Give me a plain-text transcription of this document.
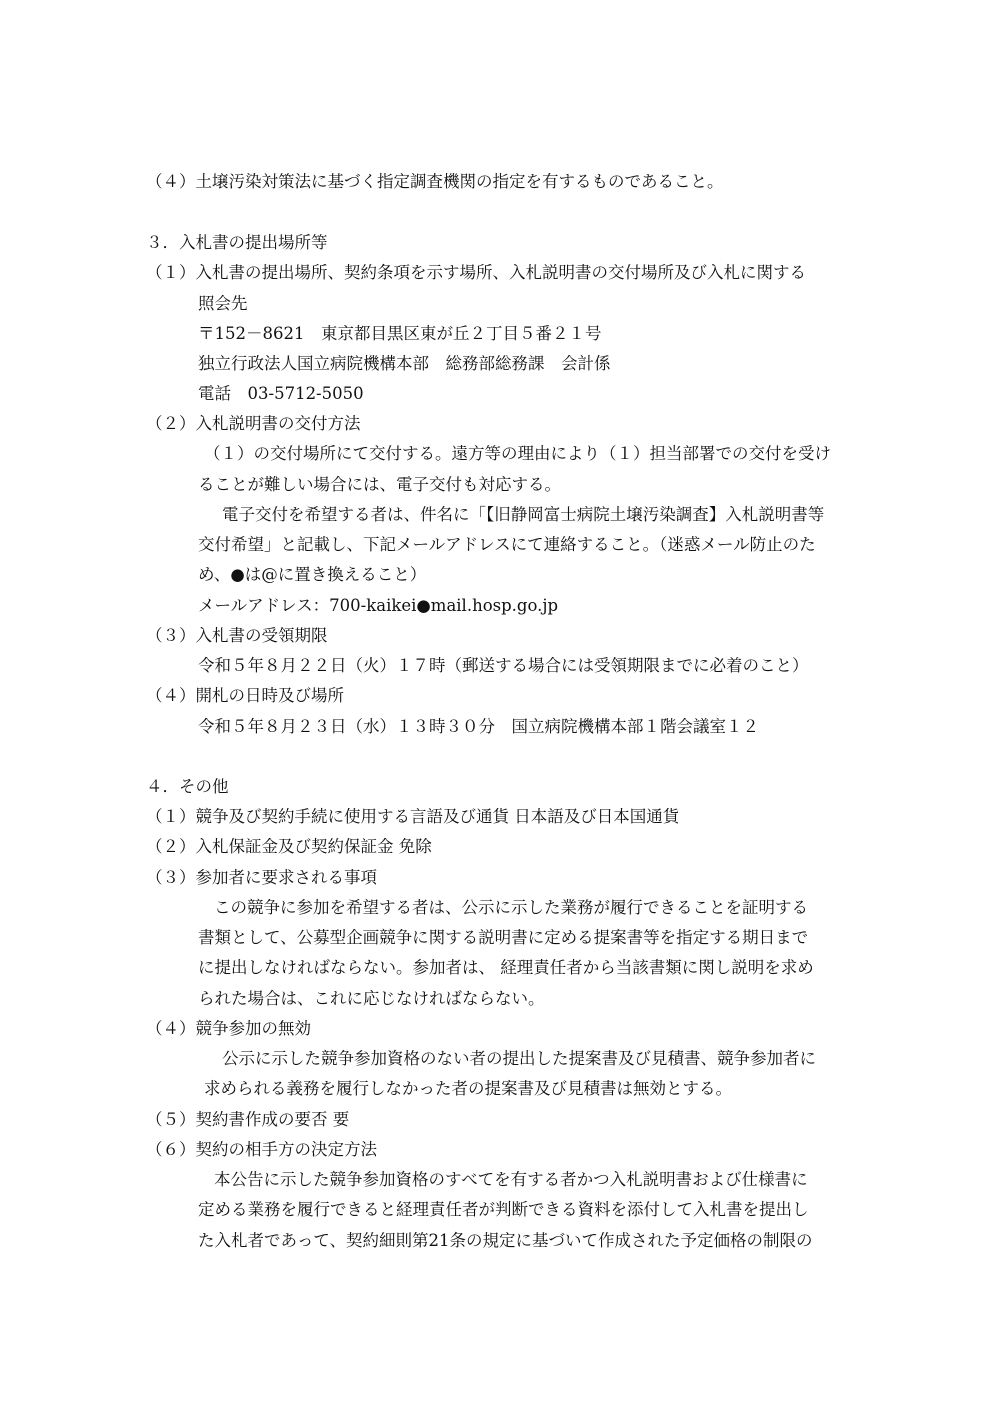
（４）土壌汚染対策法に基づく指定調査機関の指定を有するものであること。
３．入札書の提出場所等
（１）入札書の提出場所、契約条項を示す場所、入札説明書の交付場所及び入札に関する
照会先
〒152－8621　東京都目黒区東が丘２丁目５番２１号
独立行政法人国立病院機構本部　総務部総務課　会計係
電話　03-5712-5050
（２）入札説明書の交付方法
（１）の交付場所にて交付する。遠方等の理由により（１）担当部署での交付を受け
ることが難しい場合には、電子交付も対応する。
電子交付を希望する者は、件名に「【旧静岡富士病院土壌汚染調査】入札説明書等
交付希望」と記載し、下記メールアドレスにて連絡すること。（迷惑メール防止のた
め、●は@に置き換えること）
メールアドレス：700-kaikei●mail.hosp.go.jp
（３）入札書の受領期限
令和５年８月２２日（火）１７時（郵送する場合には受領期限までに必着のこと）
（４）開札の日時及び場所
令和５年８月２３日（水）１３時３０分　国立病院機構本部１階会議室１２
４．その他
（１）競争及び契約手続に使用する言語及び通貨 日本語及び日本国通貨
（２）入札保証金及び契約保証金 免除
（３）参加者に要求される事項
この競争に参加を希望する者は、公示に示した業務が履行できることを証明する
書類として、公募型企画競争に関する説明書に定める提案書等を指定する期日まで
に提出しなければならない。参加者は、 経理責任者から当該書類に関し説明を求め
られた場合は、これに応じなければならない。
（４）競争参加の無効
公示に示した競争参加資格のない者の提出した提案書及び見積書、競争参加者に
求められる義務を履行しなかった者の提案書及び見積書は無効とする。
（５）契約書作成の要否 要
（６）契約の相手方の決定方法
本公告に示した競争参加資格のすべてを有する者かつ入札説明書および仕様書に
定める業務を履行できると経理責任者が判断できる資料を添付して入札書を提出し
た入札者であって、契約細則第21条の規定に基づいて作成された予定価格の制限の
